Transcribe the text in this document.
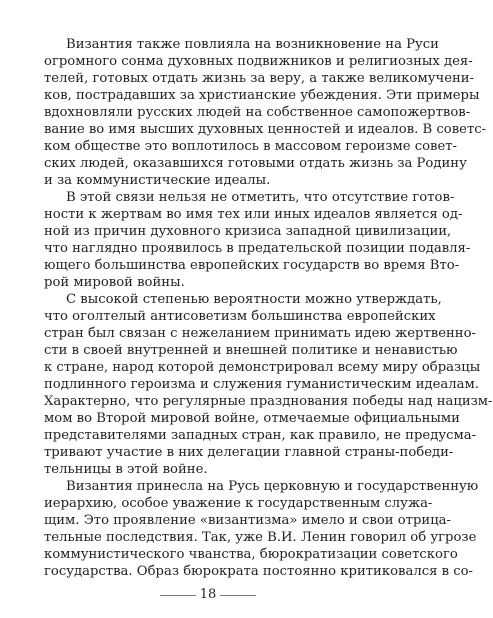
Византия также повлияла на возникновение на Руси
огромного сонма духовных подвижников и религиозных дея-
телей, готовых отдать жизнь за веру, а также великомучени-
ков, пострадавших за христианские убеждения. Эти примеры
вдохновляли русских людей на собственное самопожертвов-
вание во имя высших духовных ценностей и идеалов. В советс-
ком обществе это воплотилось в массовом героизме совет-
ских людей, оказавшихся готовыми отдать жизнь за Родину
и за коммунистические идеалы.
В этой связи нельзя не отметить, что отсутствие готов-
ности к жертвам во имя тех или иных идеалов является од-
ной из причин духовного кризиса западной цивилизации,
что наглядно проявилось в предательской позиции подавля-
ющего большинства европейских государств во время Вто-
рой мировой войны.
С высокой степенью вероятности можно утверждать,
что оголтелый антисоветизм большинства европейских
стран был связан с нежеланием принимать идею жертвенно-
сти в своей внутренней и внешней политике и ненавистью
к стране, народ которой демонстрировал всему миру образцы
подлинного героизма и служения гуманистическим идеалам.
Характерно, что регулярные празднования победы над нацизм-
мом во Второй мировой войне, отмечаемые официальными
представителями западных стран, как правило, не предусма-
тривают участие в них делегации главной страны-победи-
тельницы в этой войне.
Византия принесла на Русь церковную и государственную
иерархию, особое уважение к государственным служа-
щим. Это проявление «византизма» имело и свои отрица-
тельные последствия. Так, уже В.И. Ленин говорил об угрозе
коммунистического чванства, бюрократизации советского
государства. Образ бюрократа постоянно критиковался в со-
18
